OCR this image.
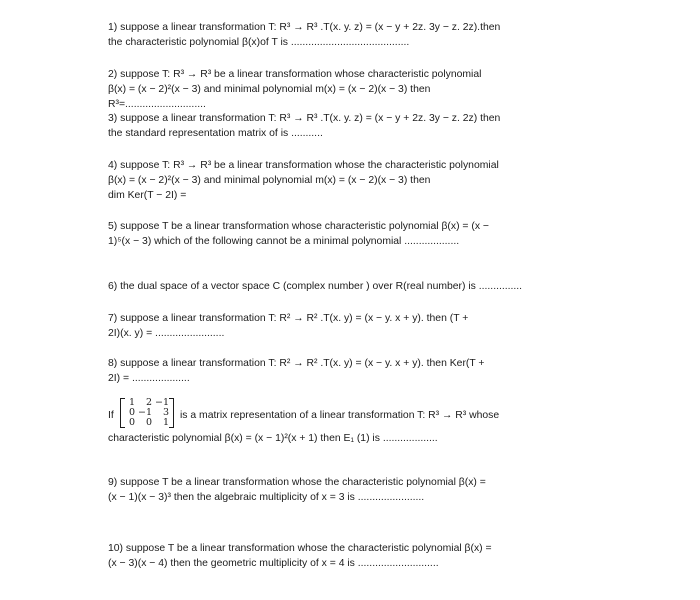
1) suppose a linear transformation T: R³ → R³ .T(x. y. z) = (x − y + 2z. 3y − z. 2z).then
the characteristic polynomial β(x)of T is .........................................
2) suppose T: R³ → R³ be a linear transformation whose characteristic polynomial
β(x) = (x − 2)²(x − 3) and minimal polynomial m(x) = (x − 2)(x − 3) then
R³=............................
3) suppose a linear transformation T: R³ → R³ .T(x. y. z) = (x − y + 2z. 3y − z. 2z) then
the standard representation matrix of is ...........
4) suppose T: R³ → R³ be a linear transformation whose the characteristic polynomial
β(x) = (x − 2)²(x − 3) and minimal polynomial m(x) = (x − 2)(x − 3) then
dim Ker(T − 2I) =
5) suppose T be a linear transformation whose characteristic polynomial β(x) = (x −
1)⁵(x − 3) which of the following cannot be a minimal polynomial ...................
6) the dual space of a vector space C (complex number ) over R(real number) is ...............
7) suppose a linear transformation T: R² → R² .T(x. y) = (x − y. x + y). then (T +
2I)(x. y) = ........................
8) suppose a linear transformation T: R² → R² .T(x. y) = (x − y. x + y). then Ker(T +
2I) = ....................
If
1	2 −1
0 −1	3
0	0	1
is a matrix representation of a linear transformation T: R³ → R³ whose
characteristic polynomial β(x) = (x − 1)²(x + 1) then E₁ (1) is ...................
9) suppose T be a linear transformation whose the characteristic polynomial β(x) =
(x − 1)(x − 3)³ then the algebraic multiplicity of x = 3 is .......................
10) suppose T be a linear transformation whose the characteristic polynomial β(x) =
(x − 3)(x − 4) then the geometric multiplicity of x = 4 is ............................
